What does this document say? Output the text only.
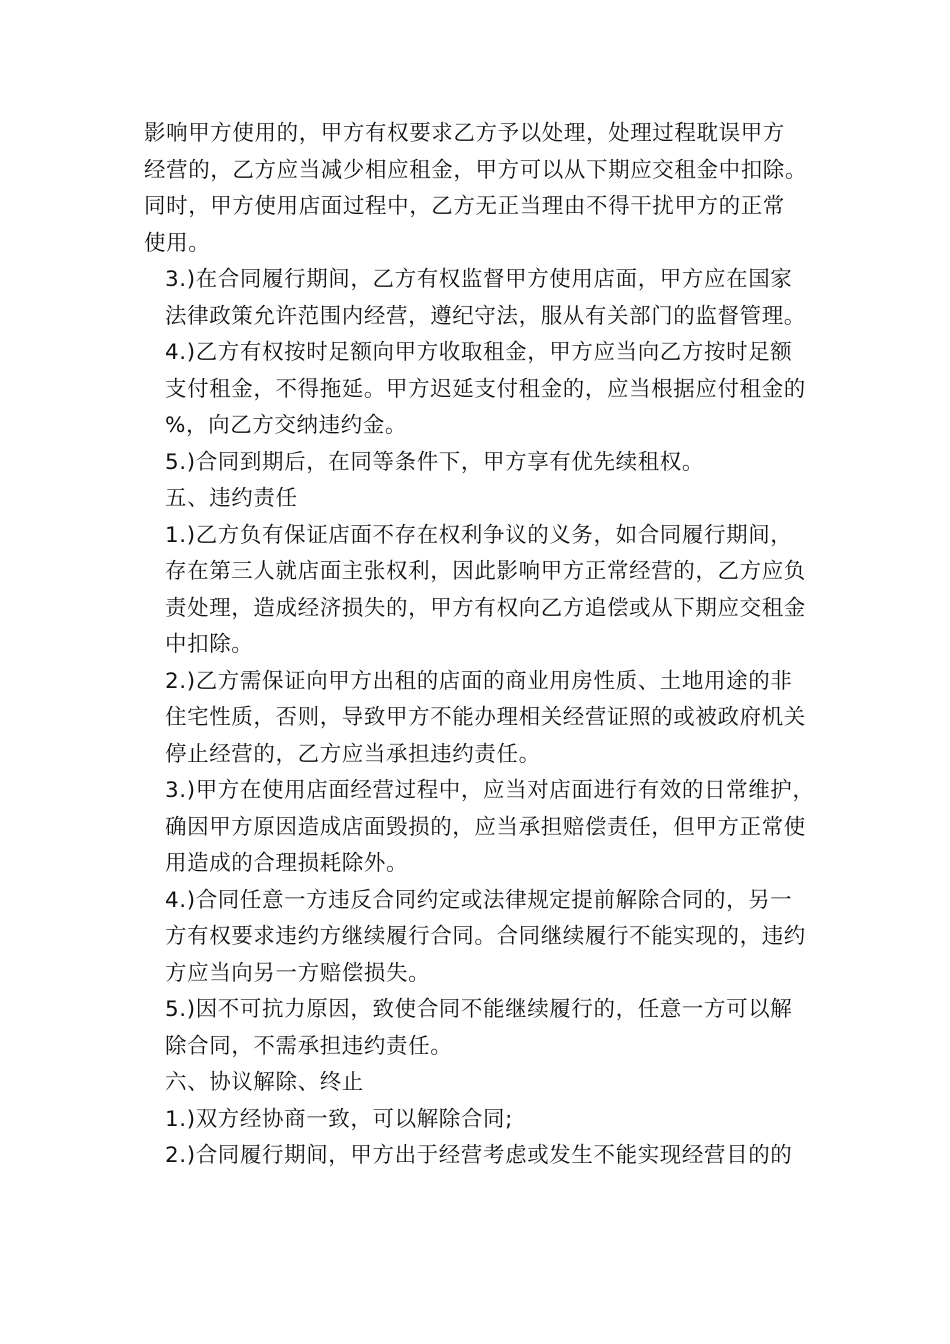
影响甲方使用的，甲方有权要求乙方予以处理，处理过程耽误甲方
经营的，乙方应当减少相应租金，甲方可以从下期应交租金中扣除。
同时，甲方使用店面过程中，乙方无正当理由不得干扰甲方的正常
使用。

3.)在合同履行期间，乙方有权监督甲方使用店面，甲方应在国家
法律政策允许范围内经营，遵纪守法，服从有关部门的监督管理。

4.)乙方有权按时足额向甲方收取租金，甲方应当向乙方按时足额
支付租金，不得拖延。甲方迟延支付租金的，应当根据应付租金的
%，向乙方交纳违约金。

5.)合同到期后，在同等条件下，甲方享有优先续租权。

五、违约责任

1.)乙方负有保证店面不存在权利争议的义务，如合同履行期间，
存在第三人就店面主张权利，因此影响甲方正常经营的，乙方应负
责处理，造成经济损失的，甲方有权向乙方追偿或从下期应交租金
中扣除。

2.)乙方需保证向甲方出租的店面的商业用房性质、土地用途的非
住宅性质，否则，导致甲方不能办理相关经营证照的或被政府机关
停止经营的，乙方应当承担违约责任。

3.)甲方在使用店面经营过程中，应当对店面进行有效的日常维护，
确因甲方原因造成店面毁损的，应当承担赔偿责任，但甲方正常使
用造成的合理损耗除外。

4.)合同任意一方违反合同约定或法律规定提前解除合同的，另一
方有权要求违约方继续履行合同。合同继续履行不能实现的，违约
方应当向另一方赔偿损失。

5.)因不可抗力原因，致使合同不能继续履行的，任意一方可以解
除合同，不需承担违约责任。

六、协议解除、终止

1.)双方经协商一致，可以解除合同;

2.)合同履行期间，甲方出于经营考虑或发生不能实现经营目的的
